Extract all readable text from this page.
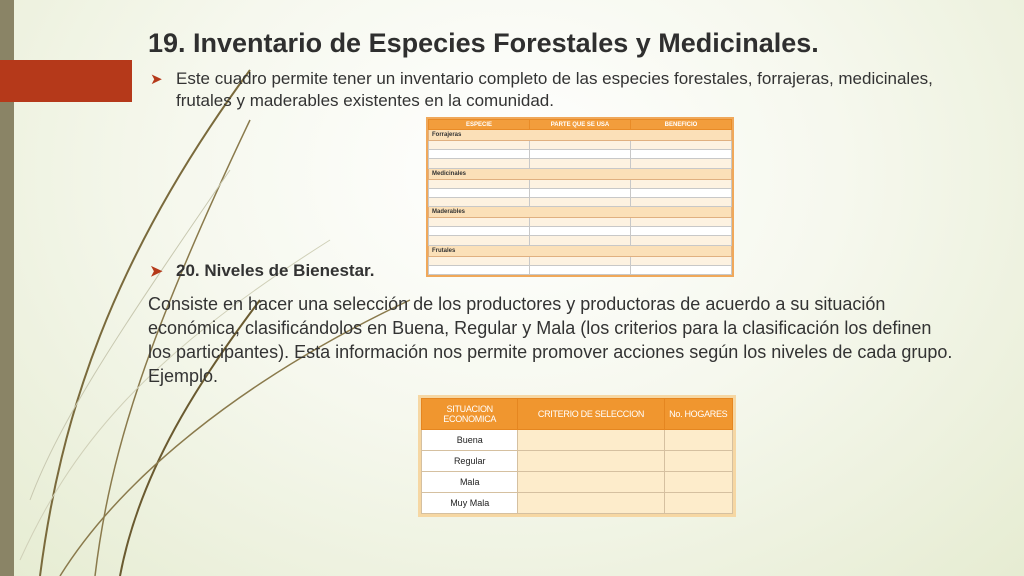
19. Inventario de Especies Forestales y Medicinales.
➤ Este cuadro permite tener un inventario completo de las especies forestales, forrajeras, medicinales, frutales y maderables existentes en la comunidad.
ESPECIE	PARTE QUE SE USA	BENEFICIO
Forrajeras		

Medicinales		

Maderables		

Frutales		

➤ 20. Niveles de Bienestar.
Consiste en hacer una selección de los productores y productoras de acuerdo a su situación económica, clasificándolos en Buena, Regular y Mala (los criterios para la clasificación los definen los participantes). Esta información nos permite promover acciones según los niveles de cada grupo. Ejemplo.
SITUACION ECONOMICA	CRITERIO DE SELECCION	No. HOGARES
Buena		
Regular		
Mala		
Muy Mala		
